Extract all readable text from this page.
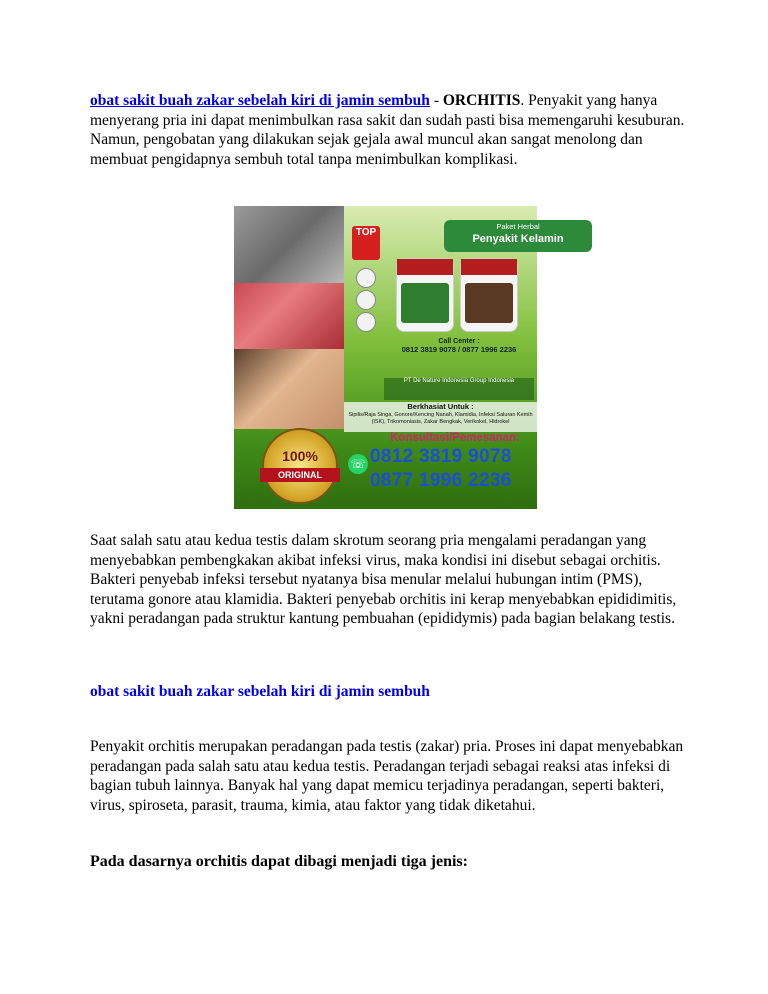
obat sakit buah zakar sebelah kiri di jamin sembuh - ORCHITIS. Penyakit yang hanya menyerang pria ini dapat menimbulkan rasa sakit dan sudah pasti bisa memengaruhi kesuburan. Namun, pengobatan yang dilakukan sejak gejala awal muncul akan sangat menolong dan membuat pengidapnya sembuh total tanpa menimbulkan komplikasi.

TOP
Paket Herbal
Penyakit Kelamin
Call Center :
0812 3819 9078 / 0877 1996 2236
PT De Nature Indonesia Group Indonesia
Berkhasiat Untuk :
Sipilis/Raja Singa, Gonore/Kencing Nanah, Klamidia, Infeksi Saluran Kemih (ISK), Trikomoniasis, Zakar Bengkak, Verikokel, Hidrokel
100%
ORIGINAL
Konsultasi/Pemesanan:
☏ 0812 3819 9078
0877 1996 2236

Saat salah satu atau kedua testis dalam skrotum seorang pria mengalami peradangan yang menyebabkan pembengkakan akibat infeksi virus, maka kondisi ini disebut sebagai orchitis. Bakteri penyebab infeksi tersebut nyatanya bisa menular melalui hubungan intim (PMS), terutama gonore atau klamidia. Bakteri penyebab orchitis ini kerap menyebabkan epididimitis, yakni peradangan pada struktur kantung pembuahan (epididymis) pada bagian belakang testis.

obat sakit buah zakar sebelah kiri di jamin sembuh

Penyakit orchitis merupakan peradangan pada testis (zakar) pria. Proses ini dapat menyebabkan peradangan pada salah satu atau kedua testis. Peradangan terjadi sebagai reaksi atas infeksi di bagian tubuh lainnya. Banyak hal yang dapat memicu terjadinya peradangan, seperti bakteri, virus, spiroseta, parasit, trauma, kimia, atau faktor yang tidak diketahui.

Pada dasarnya orchitis dapat dibagi menjadi tiga jenis:
